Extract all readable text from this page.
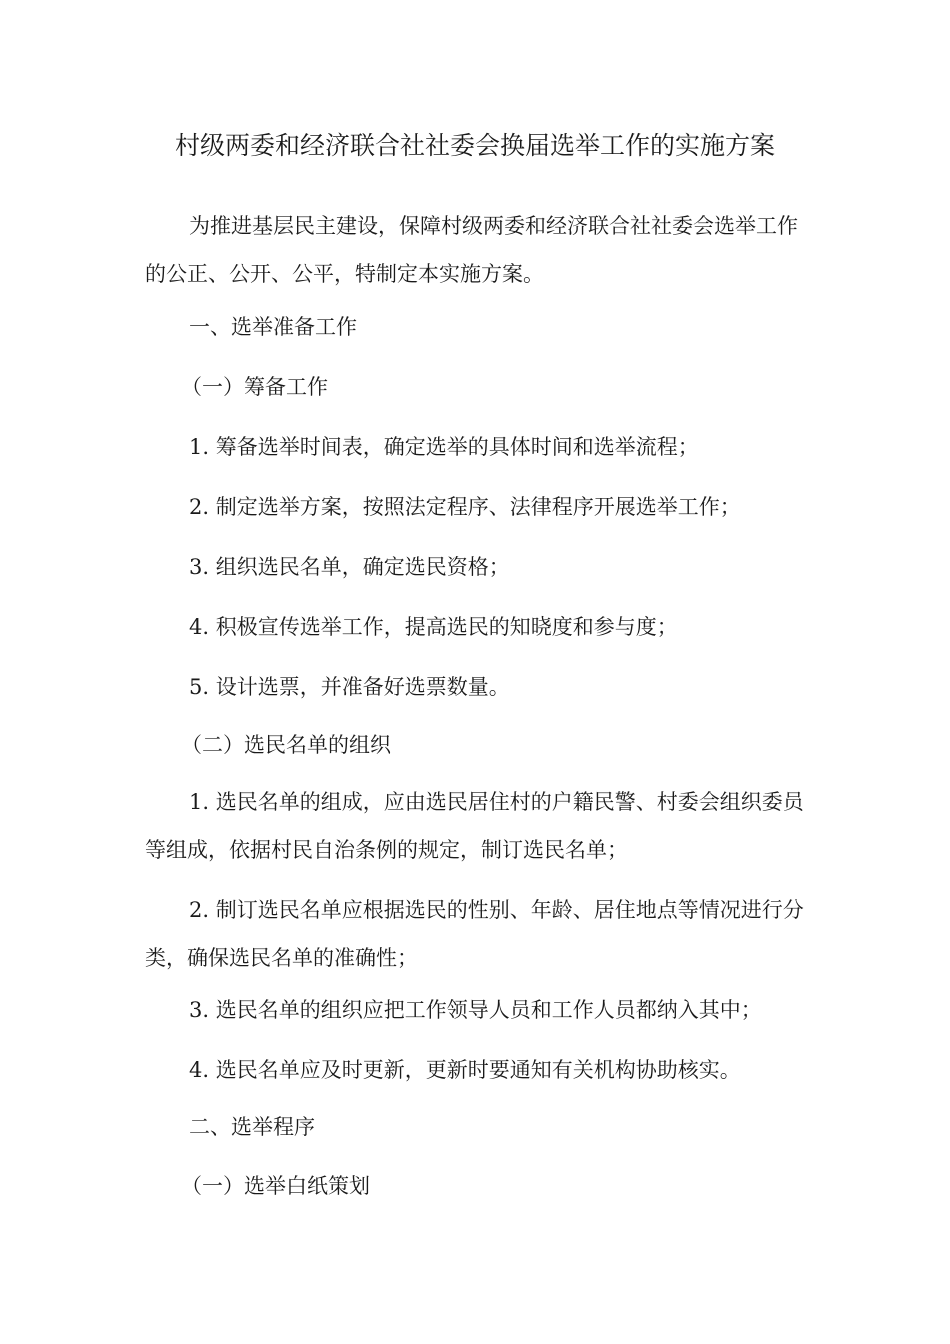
村级两委和经济联合社社委会换届选举工作的实施方案
为推进基层民主建设，保障村级两委和经济联合社社委会选举工作的公正、公开、公平，特制定本实施方案。
一、选举准备工作
（一）筹备工作
1. 筹备选举时间表，确定选举的具体时间和选举流程；
2. 制定选举方案，按照法定程序、法律程序开展选举工作；
3. 组织选民名单，确定选民资格；
4. 积极宣传选举工作，提高选民的知晓度和参与度；
5. 设计选票，并准备好选票数量。
（二）选民名单的组织
1. 选民名单的组成，应由选民居住村的户籍民警、村委会组织委员等组成，依据村民自治条例的规定，制订选民名单；
2. 制订选民名单应根据选民的性别、年龄、居住地点等情况进行分类，确保选民名单的准确性；
3. 选民名单的组织应把工作领导人员和工作人员都纳入其中；
4. 选民名单应及时更新，更新时要通知有关机构协助核实。
二、选举程序
（一）选举白纸策划
